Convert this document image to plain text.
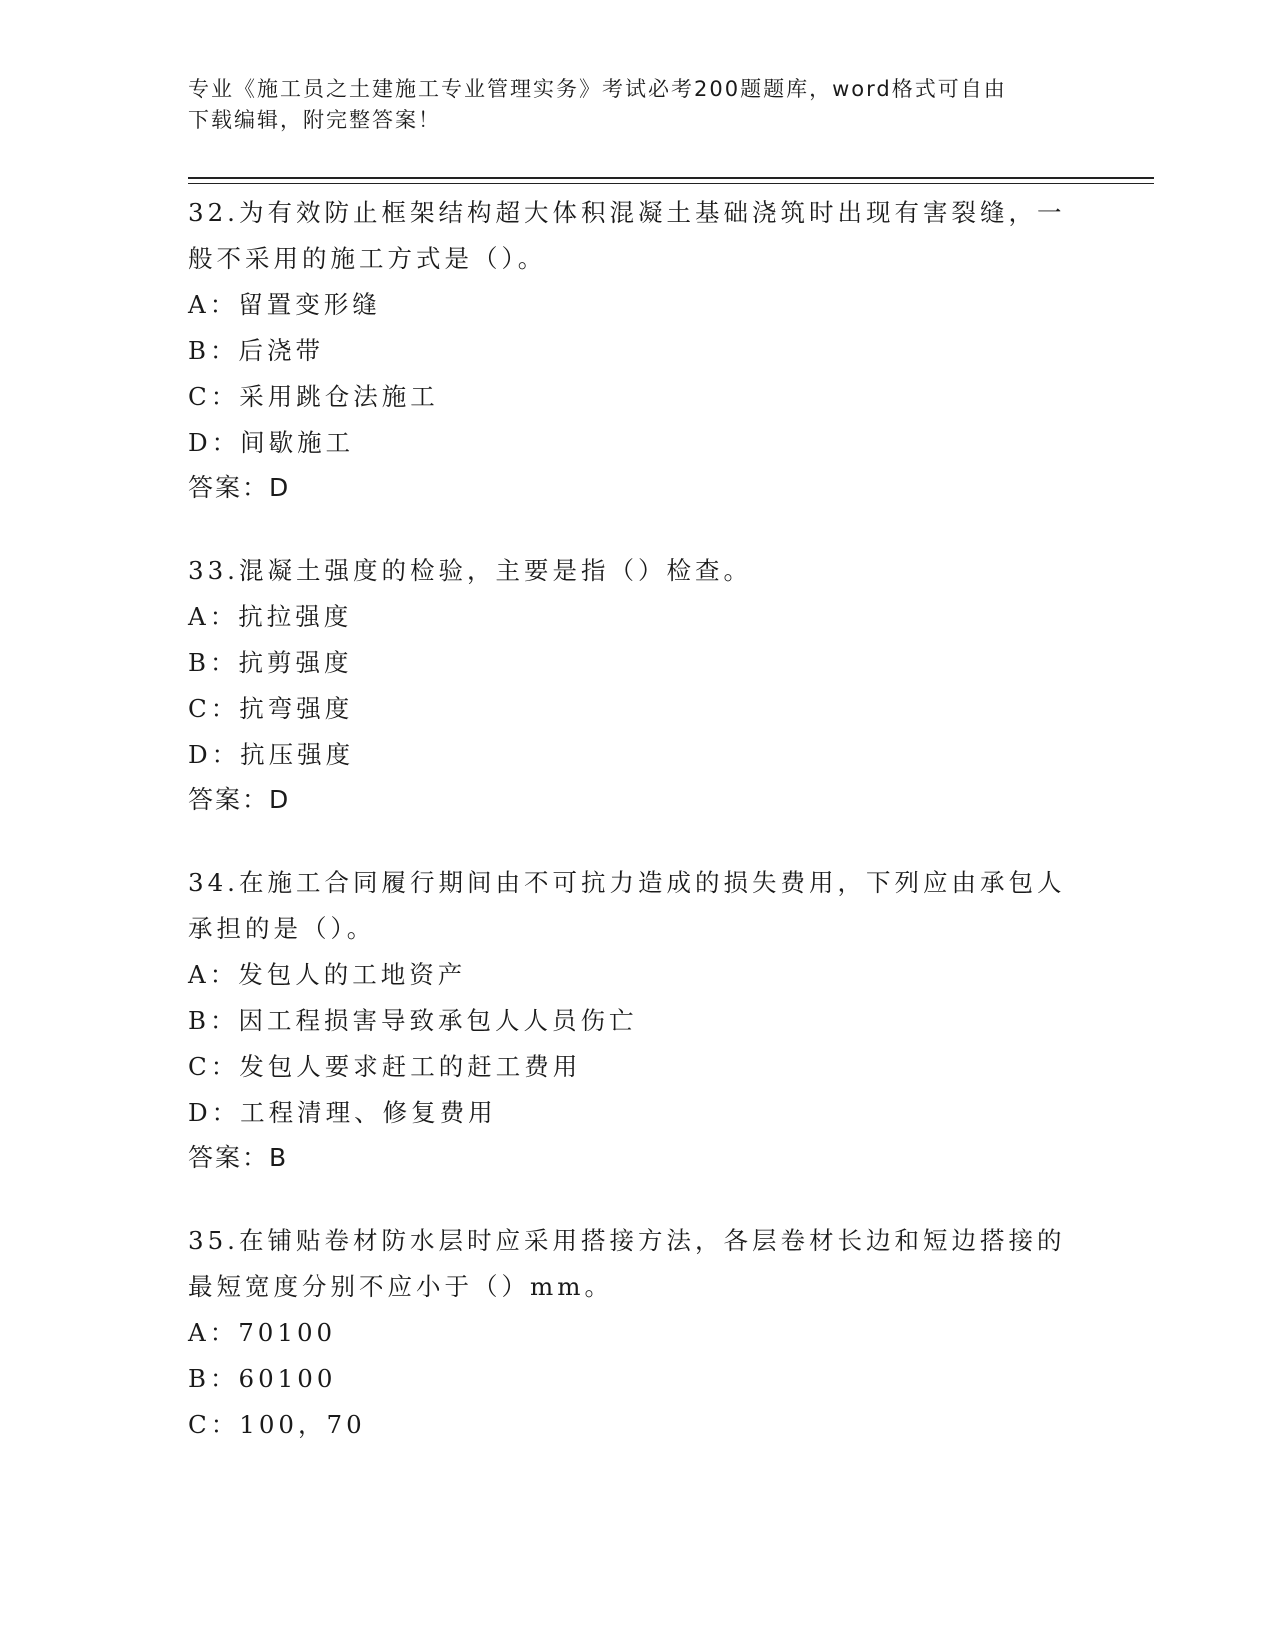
专业《施工员之土建施工专业管理实务》考试必考200题题库，word格式可自由
下载编辑，附完整答案！
32.为有效防止框架结构超大体积混凝土基础浇筑时出现有害裂缝，一
般不采用的施工方式是（）。
A：留置变形缝
B：后浇带
C：采用跳仓法施工
D：间歇施工
答案：D
33.混凝土强度的检验，主要是指（）检查。
A：抗拉强度
B：抗剪强度
C：抗弯强度
D：抗压强度
答案：D
34.在施工合同履行期间由不可抗力造成的损失费用，下列应由承包人
承担的是（）。
A：发包人的工地资产
B：因工程损害导致承包人人员伤亡
C：发包人要求赶工的赶工费用
D：工程清理、修复费用
答案：B
35.在铺贴卷材防水层时应采用搭接方法，各层卷材长边和短边搭接的
最短宽度分别不应小于（）mm。
A：70100
B：60100
C：100，70
